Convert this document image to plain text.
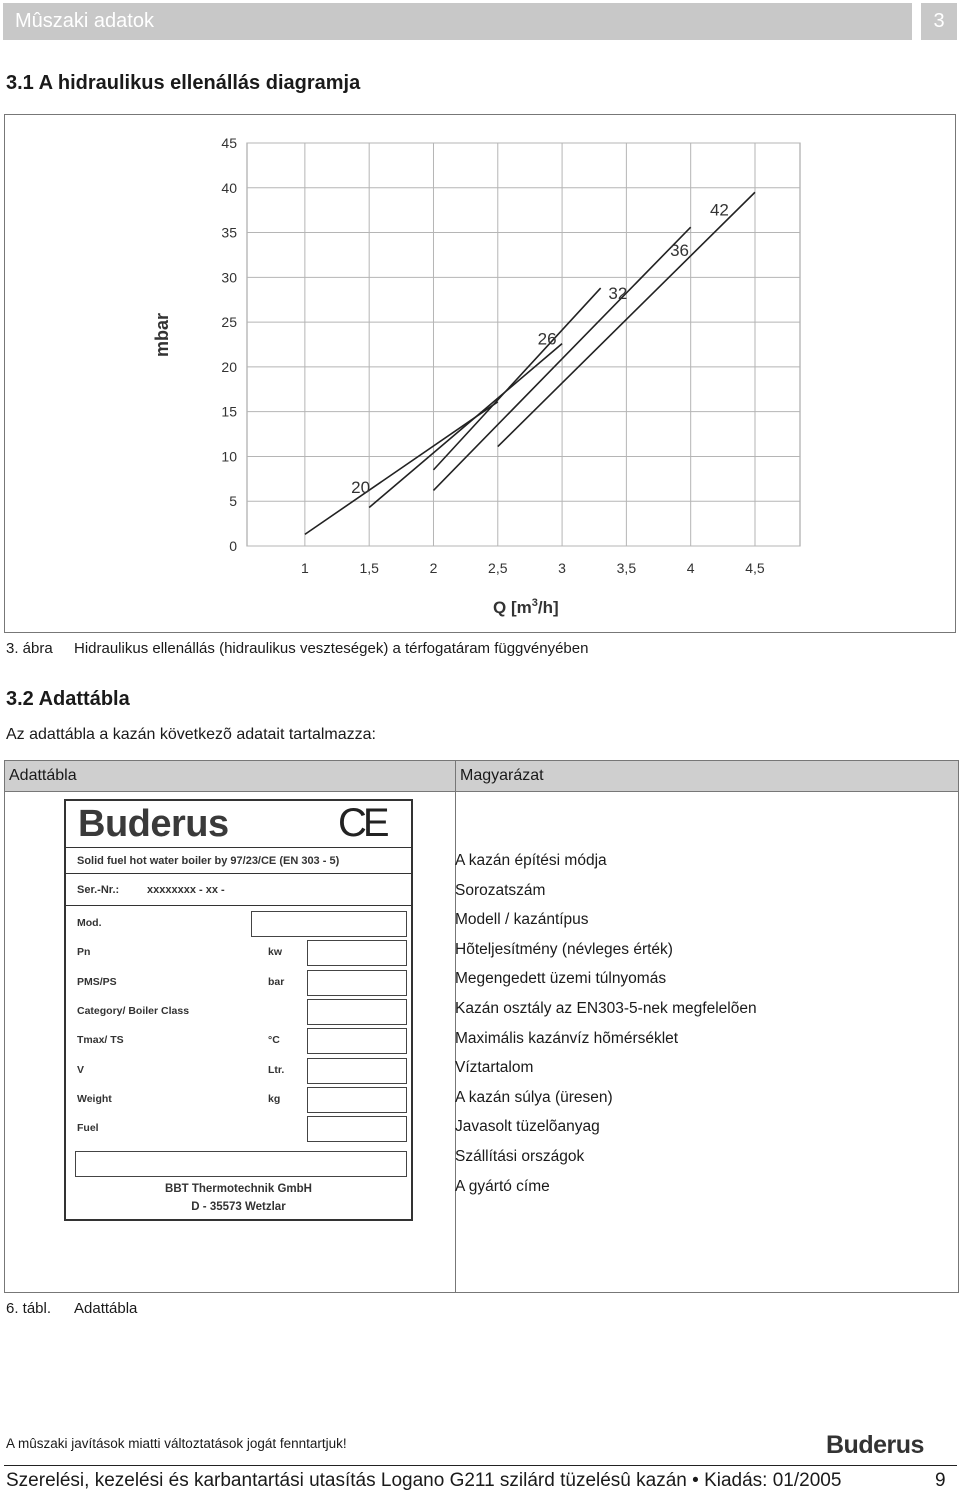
Mûszaki adatok	3
3.1 A hidraulikus ellenállás diagramja
0
5
10
15
20
25
30
35
40
45
1	1,5	2	2,5	3	3,5	4	4,5
20
26
32
36
42
mbar
Q $[m^3/h]$
3. ábra Hidraulikus ellenállás (hidraulikus veszteségek) a térfogatáram függvényében
3.2 Adattábla
Az adattábla a kazán következõ adatait tartalmazza:
Adattábla	Magyarázat
A kazán építési módja
Sorozatszám
Modell / kazántípus
Hõteljesítmény (névleges érték)
Megengedett üzemi túlnyomás
Kazán osztály az EN303-5-nek megfelelõen
Maximális kazánvíz hõmérséklet
Víztartalom
A kazán súlya (üresen)
Javasolt tüzelõanyag
Szállítási országok
A gyártó címe
Buderus	CE
Solid fuel hot water boiler by 97/23/CE (EN 303 - 5)
Ser.-Nr.:	xxxxxxxx - xx -
Mod.
Pn	kw
PMS/PS	bar
Category/ Boiler Class
Tmax/ TS	°C
V	Ltr.
Weight	kg
Fuel
BBT Thermotechnik GmbH
D - 35573 Wetzlar
6. tábl. Adattábla
A mûszaki javítások miatti változtatások jogát fenntartjuk!	Buderus
Szerelési, kezelési és karbantartási utasítás Logano G211 szilárd tüzelésû kazán • Kiadás: 01/2005	9
